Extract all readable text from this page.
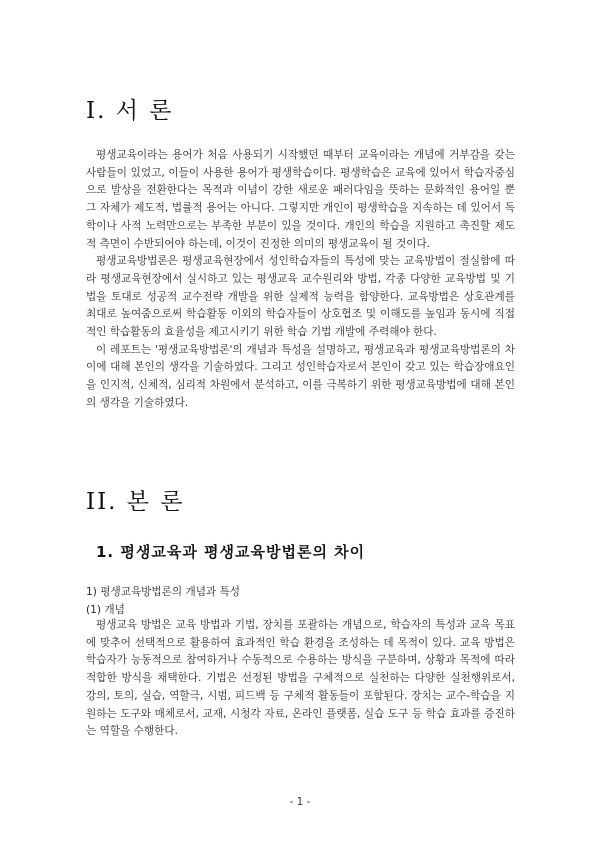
I. 서 론

평생교육이라는 용어가 처음 사용되기 시작했던 때부터 교육이라는 개념에 거부감을 갖는 사람들이 있었고, 이들이 사용한 용어가 평생학습이다. 평생학습은 교육에 있어서 학습자중심으로 발상을 전환한다는 목적과 이념이 강한 새로운 패러다임을 뜻하는 문화적인 용어일 뿐 그 자체가 제도적, 법률적 용어는 아니다. 그렇지만 개인이 평생학습을 지속하는 데 있어서 독학이나 사적 노력만으로는 부족한 부분이 있을 것이다. 개인의 학습을 지원하고 촉진할 제도적 측면이 수반되어야 하는데, 이것이 진정한 의미의 평생교육이 될 것이다.

평생교육방법론은 평생교육현장에서 성인학습자들의 특성에 맞는 교육방법이 절실함에 따라 평생교육현장에서 실시하고 있는 평생교육 교수원리와 방법, 각종 다양한 교육방법 및 기법을 토대로 성공적 교수전략 개발을 위한 실제적 능력을 함양한다. 교육방법은 상호관계를 최대로 높여줌으로써 학습활동 이외의 학습자들이 상호협조 및 이해도를 높임과 동시에 직접적인 학습활동의 효율성을 제고시키기 위한 학습 기법 개발에 주력해야 한다.

이 레포트는 '평생교육방법론'의 개념과 특성을 설명하고, 평생교육과 평생교육방법론의 차이에 대해 본인의 생각을 기술하였다. 그리고 성인학습자로서 본인이 갖고 있는 학습장애요인을 인지적, 신체적, 심리적 차원에서 분석하고, 이를 극복하기 위한 평생교육방법에 대해 본인의 생각을 기술하였다.

II. 본 론
1. 평생교육과 평생교육방법론의 차이
1) 평생교육방법론의 개념과 특성
(1) 개념

평생교육 방법은 교육 방법과 기법, 장치를 포괄하는 개념으로, 학습자의 특성과 교육 목표에 맞추어 선택적으로 활용하여 효과적인 학습 환경을 조성하는 데 목적이 있다. 교육 방법은 학습자가 능동적으로 참여하거나 수동적으로 수용하는 방식을 구분하며, 상황과 목적에 따라 적합한 방식을 채택한다. 기법은 선정된 방법을 구체적으로 실천하는 다양한 실천행위로서, 강의, 토의, 실습, 역할극, 시범, 피드백 등 구체적 활동들이 포함된다. 장치는 교수-학습을 지원하는 도구와 매체로서, 교재, 시청각 자료, 온라인 플랫폼, 실습 도구 등 학습 효과를 증진하는 역할을 수행한다.

- 1 -
